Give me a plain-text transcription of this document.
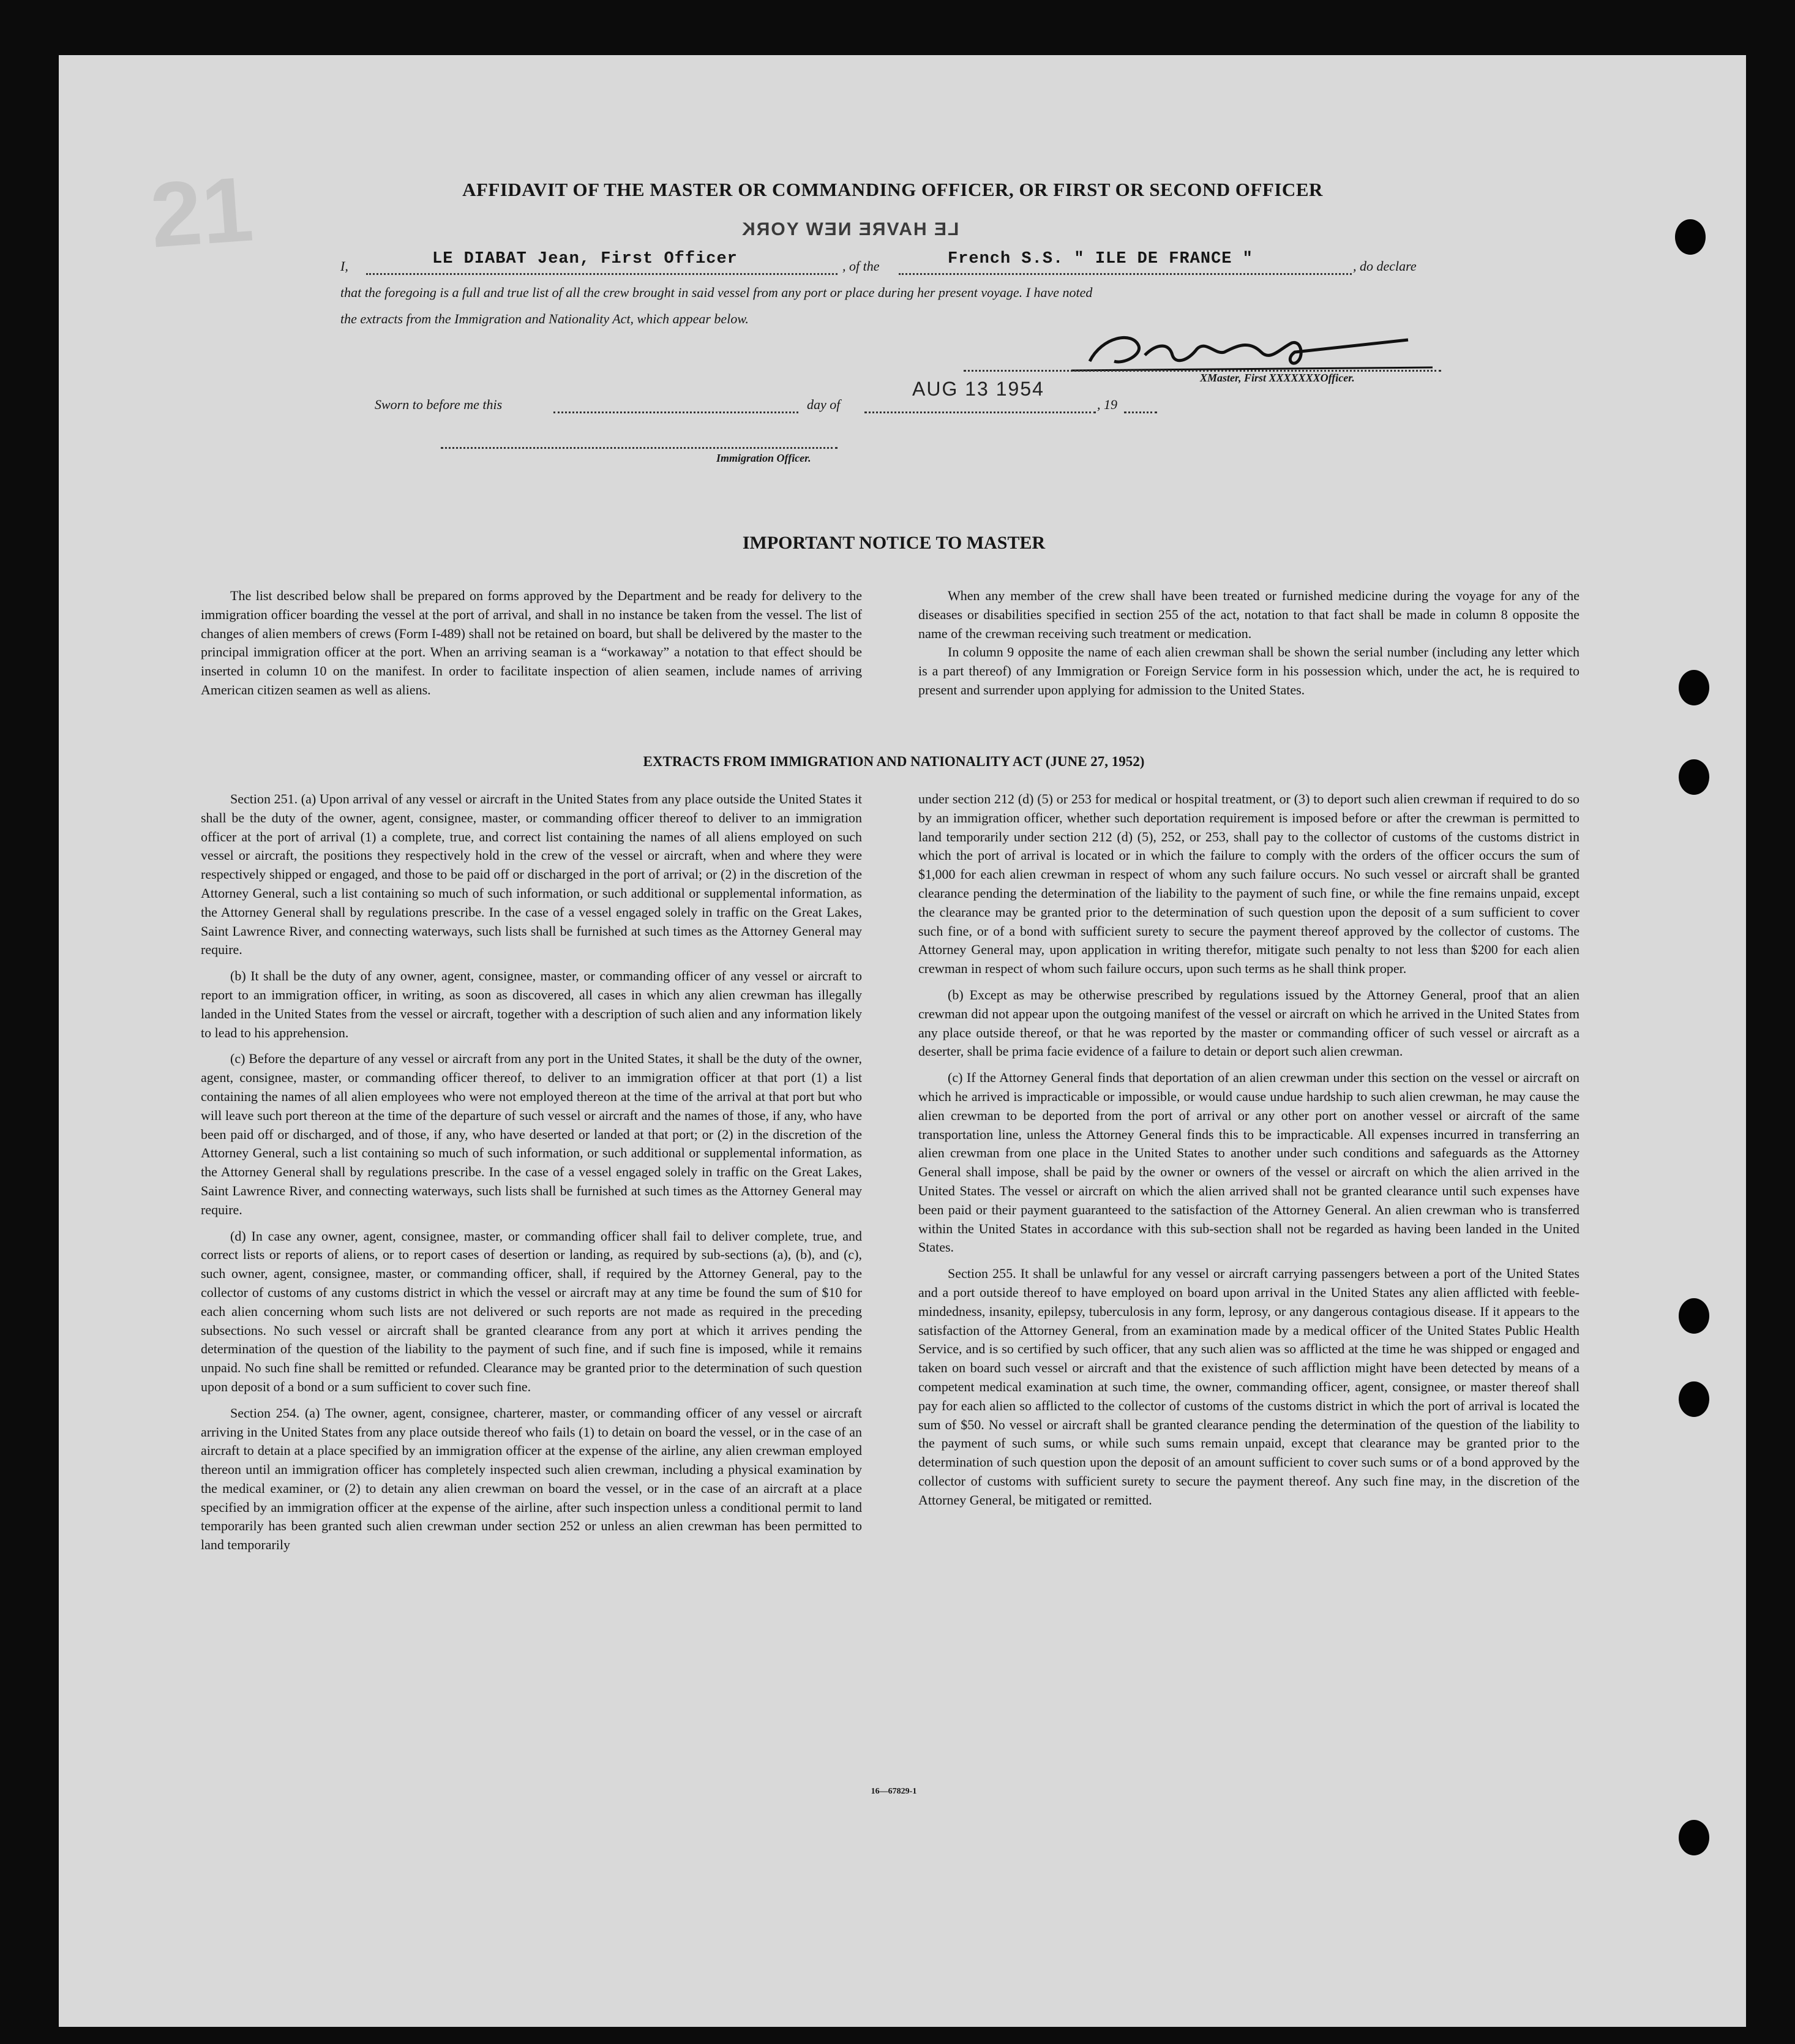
21	AFFIDAVIT OF THE MASTER OR COMMANDING OFFICER, OR FIRST OR SECOND OFFICER
I,	LE DIABAT Jean, First Officer
LE HAVRE NEW YORK
, of the	French S.S. " ILE DE FRANCE "	, do declare
that the foregoing is a full and true list of all the crew brought in said vessel from any port or place during her present voyage. I have noted
the extracts from the Immigration and Nationality Act, which appear below.
XMaster, First XXXXXXXOfficer.
Sworn to before me this	day of
AUG 13 1954
, 19
Immigration Officer.
IMPORTANT NOTICE TO MASTER

The list described below shall be prepared on forms approved by the Department and be ready for delivery to the immigration officer boarding the vessel at the port of arrival, and shall in no instance be taken from the vessel. The list of changes of alien members of crews (Form I-489) shall not be retained on board, but shall be delivered by the master to the principal immigration officer at the port. When an arriving seaman is a “workaway” a notation to that effect should be inserted in column 10 on the manifest. In order to facilitate inspection of alien seamen, include names of arriving American citizen seamen as well as aliens.

When any member of the crew shall have been treated or furnished medicine during the voyage for any of the diseases or disabilities specified in section 255 of the act, notation to that fact shall be made in column 8 opposite the name of the crewman receiving such treatment or medication.

In column 9 opposite the name of each alien crewman shall be shown the serial number (including any letter which is a part thereof) of any Immigration or Foreign Service form in his possession which, under the act, he is required to present and surrender upon applying for admission to the United States.

EXTRACTS FROM IMMIGRATION AND NATIONALITY ACT (JUNE 27, 1952)

Section 251. (a) Upon arrival of any vessel or aircraft in the United States from any place outside the United States it shall be the duty of the owner, agent, consignee, master, or commanding officer thereof to deliver to an immigration officer at the port of arrival (1) a complete, true, and correct list containing the names of all aliens employed on such vessel or aircraft, the positions they respectively hold in the crew of the vessel or aircraft, when and where they were respectively shipped or engaged, and those to be paid off or discharged in the port of arrival; or (2) in the discretion of the Attorney General, such a list containing so much of such information, or such additional or supplemental information, as the Attorney General shall by regulations prescribe. In the case of a vessel engaged solely in traffic on the Great Lakes, Saint Lawrence River, and connecting waterways, such lists shall be furnished at such times as the Attorney General may require.

(b) It shall be the duty of any owner, agent, consignee, master, or commanding officer of any vessel or aircraft to report to an immigration officer, in writing, as soon as discovered, all cases in which any alien crewman has illegally landed in the United States from the vessel or aircraft, together with a description of such alien and any information likely to lead to his apprehension.

(c) Before the departure of any vessel or aircraft from any port in the United States, it shall be the duty of the owner, agent, consignee, master, or commanding officer thereof, to deliver to an immigration officer at that port (1) a list containing the names of all alien employees who were not employed thereon at the time of the arrival at that port but who will leave such port thereon at the time of the departure of such vessel or aircraft and the names of those, if any, who have been paid off or discharged, and of those, if any, who have deserted or landed at that port; or (2) in the discretion of the Attorney General, such a list containing so much of such information, or such additional or supplemental information, as the Attorney General shall by regulations prescribe. In the case of a vessel engaged solely in traffic on the Great Lakes, Saint Lawrence River, and connecting waterways, such lists shall be furnished at such times as the Attorney General may require.

(d) In case any owner, agent, consignee, master, or commanding officer shall fail to deliver complete, true, and correct lists or reports of aliens, or to report cases of desertion or landing, as required by sub-sections (a), (b), and (c), such owner, agent, consignee, master, or commanding officer, shall, if required by the Attorney General, pay to the collector of customs of any customs district in which the vessel or aircraft may at any time be found the sum of $10 for each alien concerning whom such lists are not delivered or such reports are not made as required in the preceding subsections. No such vessel or aircraft shall be granted clearance from any port at which it arrives pending the determination of the question of the liability to the payment of such fine, and if such fine is imposed, while it remains unpaid. No such fine shall be remitted or refunded. Clearance may be granted prior to the determination of such question upon deposit of a bond or a sum sufficient to cover such fine.

Section 254. (a) The owner, agent, consignee, charterer, master, or commanding officer of any vessel or aircraft arriving in the United States from any place outside thereof who fails (1) to detain on board the vessel, or in the case of an aircraft to detain at a place specified by an immigration officer at the expense of the airline, any alien crewman employed thereon until an immigration officer has completely inspected such alien crewman, including a physical examination by the medical examiner, or (2) to detain any alien crewman on board the vessel, or in the case of an aircraft at a place specified by an immigration officer at the expense of the airline, after such inspection unless a conditional permit to land temporarily has been granted such alien crewman under section 252 or unless an alien crewman has been permitted to land temporarily

under section 212 (d) (5) or 253 for medical or hospital treatment, or (3) to deport such alien crewman if required to do so by an immigration officer, whether such deportation requirement is imposed before or after the crewman is permitted to land temporarily under section 212 (d) (5), 252, or 253, shall pay to the collector of customs of the customs district in which the port of arrival is located or in which the failure to comply with the orders of the officer occurs the sum of $1,000 for each alien crewman in respect of whom any such failure occurs. No such vessel or aircraft shall be granted clearance pending the determination of the liability to the payment of such fine, or while the fine remains unpaid, except the clearance may be granted prior to the determination of such question upon the deposit of a sum sufficient to cover such fine, or of a bond with sufficient surety to secure the payment thereof approved by the collector of customs. The Attorney General may, upon application in writing therefor, mitigate such penalty to not less than $200 for each alien crewman in respect of whom such failure occurs, upon such terms as he shall think proper.

(b) Except as may be otherwise prescribed by regulations issued by the Attorney General, proof that an alien crewman did not appear upon the outgoing manifest of the vessel or aircraft on which he arrived in the United States from any place outside thereof, or that he was reported by the master or commanding officer of such vessel or aircraft as a deserter, shall be prima facie evidence of a failure to detain or deport such alien crewman.

(c) If the Attorney General finds that deportation of an alien crewman under this section on the vessel or aircraft on which he arrived is impracticable or impossible, or would cause undue hardship to such alien crewman, he may cause the alien crewman to be deported from the port of arrival or any other port on another vessel or aircraft of the same transportation line, unless the Attorney General finds this to be impracticable. All expenses incurred in transferring an alien crewman from one place in the United States to another under such conditions and safeguards as the Attorney General shall impose, shall be paid by the owner or owners of the vessel or aircraft on which the alien arrived in the United States. The vessel or aircraft on which the alien arrived shall not be granted clearance until such expenses have been paid or their payment guaranteed to the satisfaction of the Attorney General. An alien crewman who is transferred within the United States in accordance with this sub-section shall not be regarded as having been landed in the United States.

Section 255. It shall be unlawful for any vessel or aircraft carrying passengers between a port of the United States and a port outside thereof to have employed on board upon arrival in the United States any alien afflicted with feeble-mindedness, insanity, epilepsy, tuberculosis in any form, leprosy, or any dangerous contagious disease. If it appears to the satisfaction of the Attorney General, from an examination made by a medical officer of the United States Public Health Service, and is so certified by such officer, that any such alien was so afflicted at the time he was shipped or engaged and taken on board such vessel or aircraft and that the existence of such affliction might have been detected by means of a competent medical examination at such time, the owner, commanding officer, agent, consignee, or master thereof shall pay for each alien so afflicted to the collector of customs of the customs district in which the port of arrival is located the sum of $50. No vessel or aircraft shall be granted clearance pending the determination of the question of the liability to the payment of such sums, or while such sums remain unpaid, except that clearance may be granted prior to the determination of such question upon the deposit of an amount sufficient to cover such sums or of a bond approved by the collector of customs with sufficient surety to secure the payment thereof. Any such fine may, in the discretion of the Attorney General, be mitigated or remitted.

16—67829-1
